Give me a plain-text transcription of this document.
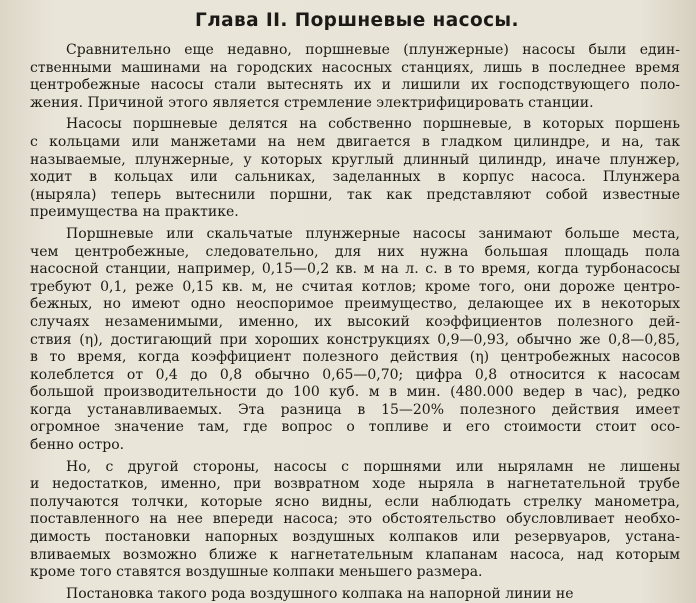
Глава II. Поршневые насосы.
Сравнительно еще недавно, поршневые (плунжерные) насосы были един-
ственными машинами на городских насосных станциях, лишь в последнее время
центробежные насосы стали вытеснять их и лишили их господствующего поло-
жения. Причиной этого является стремление электрифицировать станции.
Насосы поршневые делятся на собственно поршневые, в которых поршень
с кольцами или манжетами на нем двигается в гладком цилиндре, и на, так
называемые, плунжерные, у которых круглый длинный цилиндр, иначе плунжер,
ходит в кольцах или сальниках, заделанных в корпус насоса. Плунжера
(ныряла) теперь вытеснили поршни, так как представляют собой известные
преимущества на практике.
Поршневые или скальчатые плунжерные насосы занимают больше места,
чем центробежные, следовательно, для них нужна большая площадь пола
насосной станции, например, 0,15—0,2 кв. м на л. с. в то время, когда турбонасосы
требуют 0,1, реже 0,15 кв. м, не считая котлов; кроме того, они дороже центро-
бежных, но имеют одно неоспоримое преимущество, делающее их в некоторых
случаях незаменимыми, именно, их высокий коэффициентов полезного дей-
ствия (η), достигающий при хороших конструкциях 0,9—0,93, обычно же 0,8—0,85,
в то время, когда коэффициент полезного действия (η) центробежных насосов
колеблется от 0,4 до 0,8 обычно 0,65—0,70; цифра 0,8 относится к насосам
большой производительности до 100 куб. м в мин. (480.000 ведер в час), редко
когда устанавливаемых. Эта разница в 15—20% полезного действия имеет
огромное значение там, где вопрос о топливе и его стоимости стоит осо-
бенно остро.
Но, с другой стороны, насосы с поршнями или ныряламн не лишены
и недостатков, именно, при возвратном ходе ныряла в нагнетательной трубе
получаются толчки, которые ясно видны, если наблюдать стрелку манометра,
поставленного на нее впереди насоса; это обстоятельство обусловливает необхо-
димость постановки напорных воздушных колпаков или резервуаров, устана-
вливаемых возможно ближе к нагнетательным клапанам насоса, над которым
кроме того ставятся воздушные колпаки меньшего размера.
Постановка такого рода воздушного колпака на напорной линии не
